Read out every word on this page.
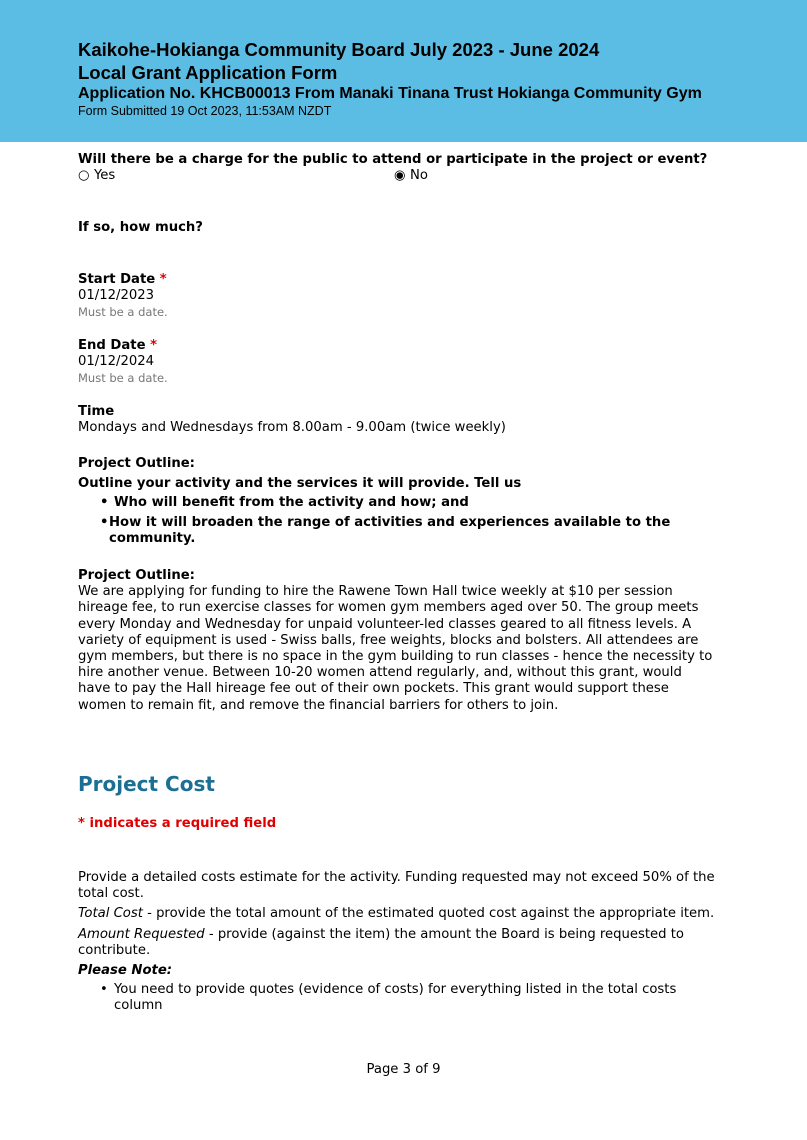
Kaikohe-Hokianga Community Board July 2023 - June 2024
Local Grant Application Form
Application No. KHCB00013 From Manaki Tinana Trust Hokianga Community Gym
Form Submitted 19 Oct 2023, 11:53AM NZDT
Will there be a charge for the public to attend or participate in the project or event?
○ Yes	◉ No
If so, how much?
Start Date *
01/12/2023
Must be a date.
End Date *
01/12/2024
Must be a date.
Time
Mondays and Wednesdays from 8.00am - 9.00am (twice weekly)
Project Outline:
Outline your activity and the services it will provide. Tell us
• Who will benefit from the activity and how; and
• How it will broaden the range of activities and experiences available to the community.
Project Outline:
We are applying for funding to hire the Rawene Town Hall twice weekly at $10 per session hireage fee, to run exercise classes for women gym members aged over 50. The group meets every Monday and Wednesday for unpaid volunteer-led classes geared to all fitness levels. A variety of equipment is used - Swiss balls, free weights, blocks and bolsters. All attendees are gym members, but there is no space in the gym building to run classes - hence the necessity to hire another venue. Between 10-20 women attend regularly, and, without this grant, would have to pay the Hall hireage fee out of their own pockets. This grant would support these women to remain fit, and remove the financial barriers for others to join.
Project Cost
* indicates a required field
Provide a detailed costs estimate for the activity. Funding requested may not exceed 50% of the total cost.
Total Cost - provide the total amount of the estimated quoted cost against the appropriate item.
Amount Requested - provide (against the item) the amount the Board is being requested to contribute.
Please Note:
• You need to provide quotes (evidence of costs) for everything listed in the total costs column
Page 3 of 9
